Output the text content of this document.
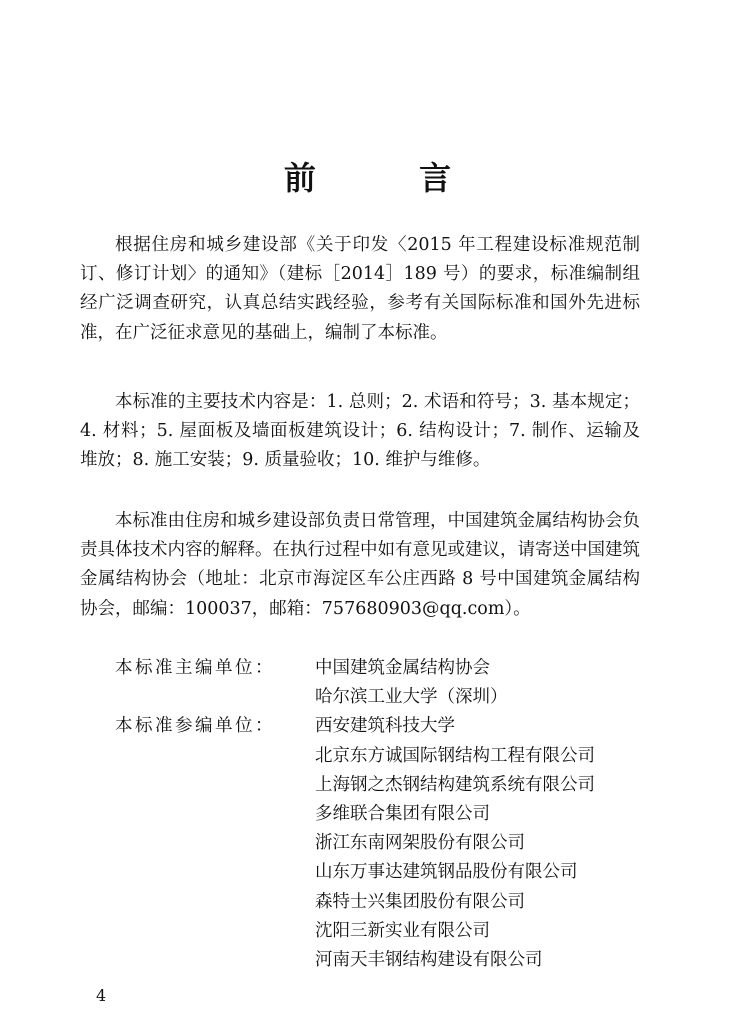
前 言

根据住房和城乡建设部《关于印发〈2015 年工程建设标准规范制订、修订计划〉的通知》（建标［2014］189 号）的要求，标准编制组经广泛调查研究，认真总结实践经验，参考有关国际标准和国外先进标准，在广泛征求意见的基础上，编制了本标准。

本标准的主要技术内容是：1. 总则；2. 术语和符号；3. 基本规定；4. 材料；5. 屋面板及墙面板建筑设计；6. 结构设计；7. 制作、运输及堆放；8. 施工安装；9. 质量验收；10. 维护与维修。

本标准由住房和城乡建设部负责日常管理，中国建筑金属结构协会负责具体技术内容的解释。在执行过程中如有意见或建议，请寄送中国建筑金属结构协会（地址：北京市海淀区车公庄西路 8 号中国建筑金属结构协会，邮编：100037，邮箱：757680903@qq.com）。

本标准主编单位：	中国建筑金属结构协会
哈尔滨工业大学（深圳）
本标准参编单位：	西安建筑科技大学
北京东方诚国际钢结构工程有限公司
上海钢之杰钢结构建筑系统有限公司
多维联合集团有限公司
浙江东南网架股份有限公司
山东万事达建筑钢品股份有限公司
森特士兴集团股份有限公司
沈阳三新实业有限公司
河南天丰钢结构建设有限公司
4
